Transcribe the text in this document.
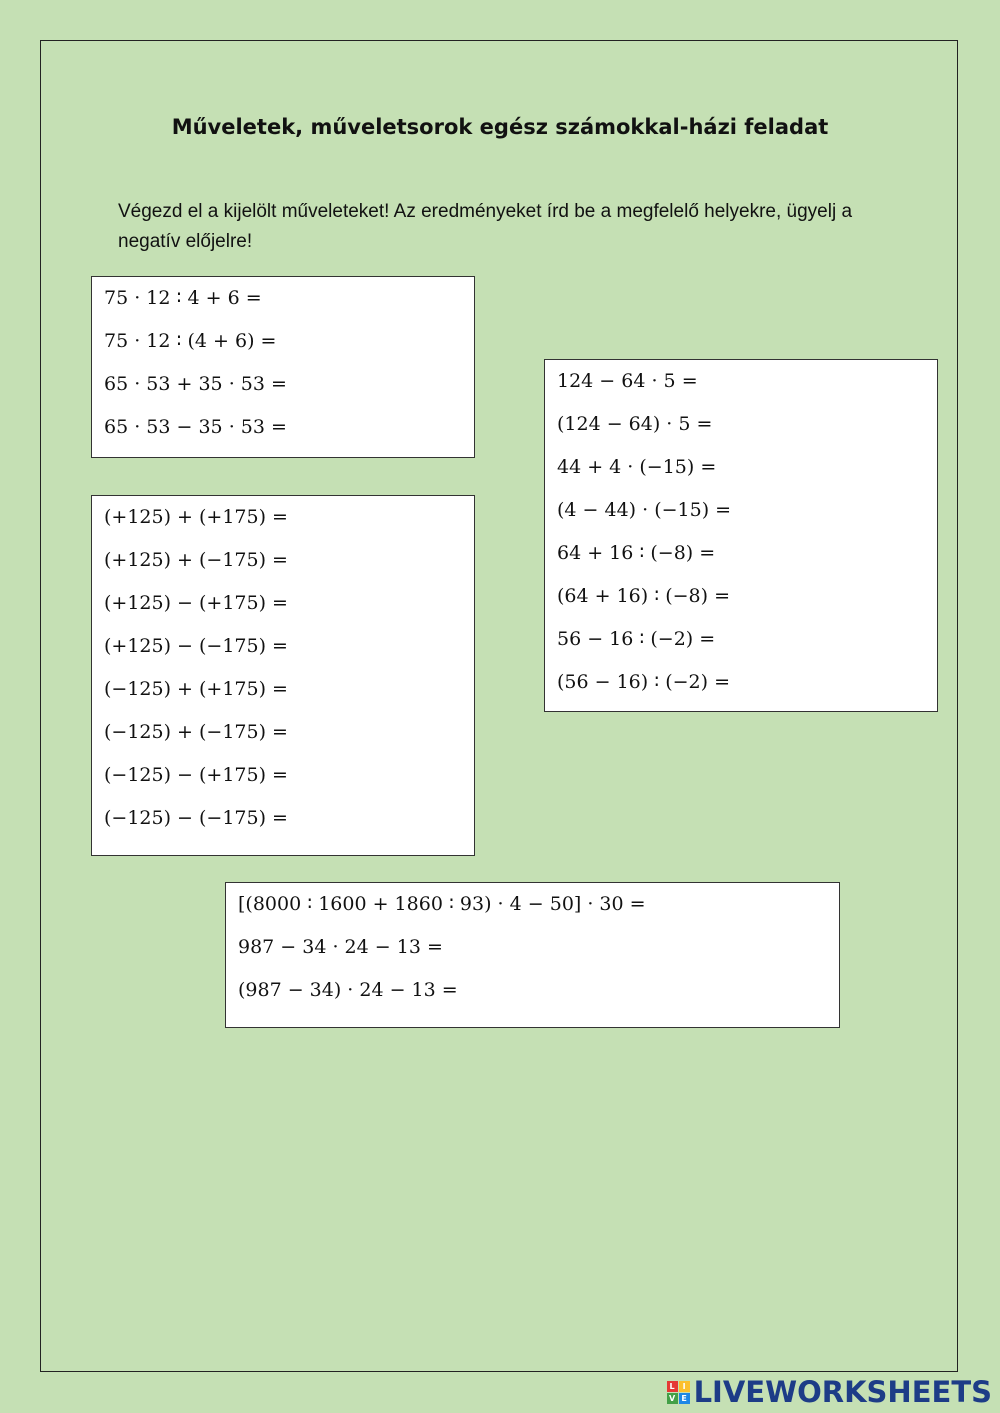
Műveletek, műveletsorok egész számokkal-házi feladat

Végezd el a kijelölt műveleteket! Az eredményeket írd be a megfelelő helyekre, ügyelj a negatív előjelre!

75 · 12 ∶ 4 + 6 =
75 · 12 ∶ (4 + 6) =
65 · 53 + 35 · 53 =
65 · 53 − 35 · 53 =
(+125) + (+175) =
(+125) + (−175) =
(+125) − (+175) =
(+125) − (−175) =
(−125) + (+175) =
(−125) + (−175) =
(−125) − (+175) =
(−125) − (−175) =
124 − 64 · 5 =
(124 − 64) · 5 =
44 + 4 · (−15) =
(4 − 44) · (−15) =
64 + 16 ∶ (−8) =
(64 + 16) ∶ (−8) =
56 − 16 ∶ (−2) =
(56 − 16) ∶ (−2) =
[(8000 ∶ 1600 + 1860 ∶ 93) · 4 − 50] · 30 =
987 − 34 · 24 − 13 =
(987 − 34) · 24 − 13 =
L I
V E LIVEWORKSHEETS
